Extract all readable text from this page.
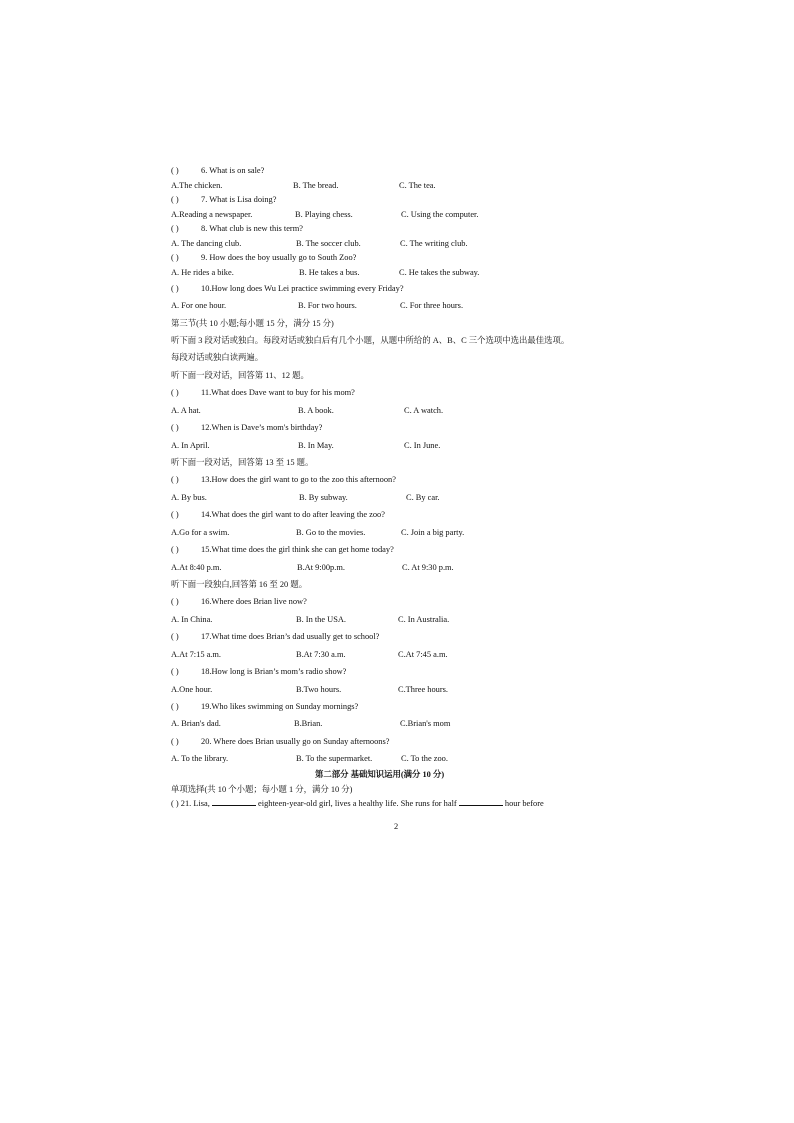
( )	6. What is on sale?
A.The chicken.	B. The bread.	C. The tea.
( )	7. What is Lisa doing?
A.Reading a newspaper.	B. Playing chess.	C. Using the computer.
( )	8. What club is new this term?
A. The dancing club.	B. The soccer club.	C. The writing club.
( )	9. How does the boy usually go to South Zoo?
A. He rides a bike.	B. He takes a bus.	C. He takes the subway.
( )	10.How long does Wu Lei practice swimming every Friday?
A. For one hour.	B. For two hours.	C. For three hours.
第三节(共 10 小题;每小题 15 分，满分 15 分)
听下面 3 段对话或独白。每段对话或独白后有几个小题，从题中所给的 A、B、C 三个选项中选出最佳选项。
每段对话或独白读两遍。
听下面一段对话，回答第 11、12 题。
( )	11.What does Dave want to buy for his mom?
A. A hat.	B. A book.	C. A watch.
( )	12.When is Dave’s mom's birthday?
A. In April.	B. In May.	C. In June.
听下面一段对话，回答第 13 至 15 题。
( )	13.How does the girl want to go to the zoo this afternoon?
A. By bus.	B. By subway.	C. By car.
( )	14.What does the girl want to do after leaving the zoo?
A.Go for a swim.	B. Go to the movies.	C. Join a big party.
( )	15.What time does the girl think she can get home today?
A.At 8:40 p.m.	B.At 9:00p.m.	C. At 9:30 p.m.
听下面一段独白,回答第 16 至 20 题。
( )	16.Where does Brian live now?
A. In China.	B. In the USA.	C. In Australia.
( )	17.What time does Brian’s dad usually get to school?
A.At 7:15 a.m.	B.At 7:30 a.m.	C.At 7:45 a.m.
( )	18.How long is Brian’s mom’s radio show?
A.One hour.	B.Two hours.	C.Three hours.
( )	19.Who likes swimming on Sunday mornings?
A. Brian's dad.	B.Brian.	C.Brian's mom
( )	20. Where does Brian usually go on Sunday afternoons?
A. To the library.	B. To the supermarket.	C. To the zoo.
第二部分 基础知识运用(满分 10 分)
单项选择(共 10 个小题；每小题 1 分，满分 10 分)
( ) 21. Lisa,	eighteen-year-old girl, lives a healthy life. She runs for half	hour before
2
